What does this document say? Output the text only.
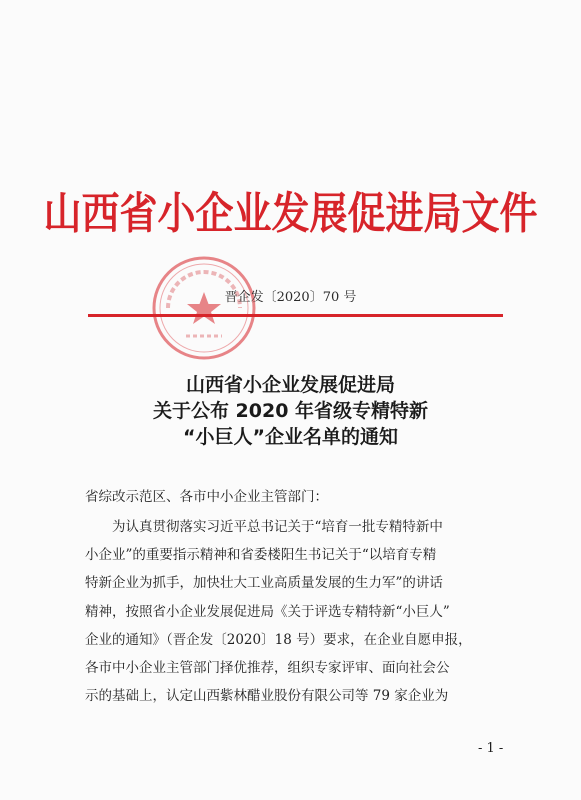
山西省小企业发展促进局文件
晋企发〔2020〕70 号
山西省小企业发展促进局
关于公布 2020 年省级专精特新
“小巨人”企业名单的通知
省综改示范区、各市中小企业主管部门：
为认真贯彻落实习近平总书记关于“培育一批专精特新中
小企业”的重要指示精神和省委楼阳生书记关于“以培育专精
特新企业为抓手，加快壮大工业高质量发展的生力军”的讲话
精神，按照省小企业发展促进局《关于评选专精特新“小巨人”
企业的通知》（晋企发〔2020〕18 号）要求，在企业自愿申报，
各市中小企业主管部门择优推荐，组织专家评审、面向社会公
示的基础上，认定山西紫林醋业股份有限公司等 79 家企业为
- 1 -
